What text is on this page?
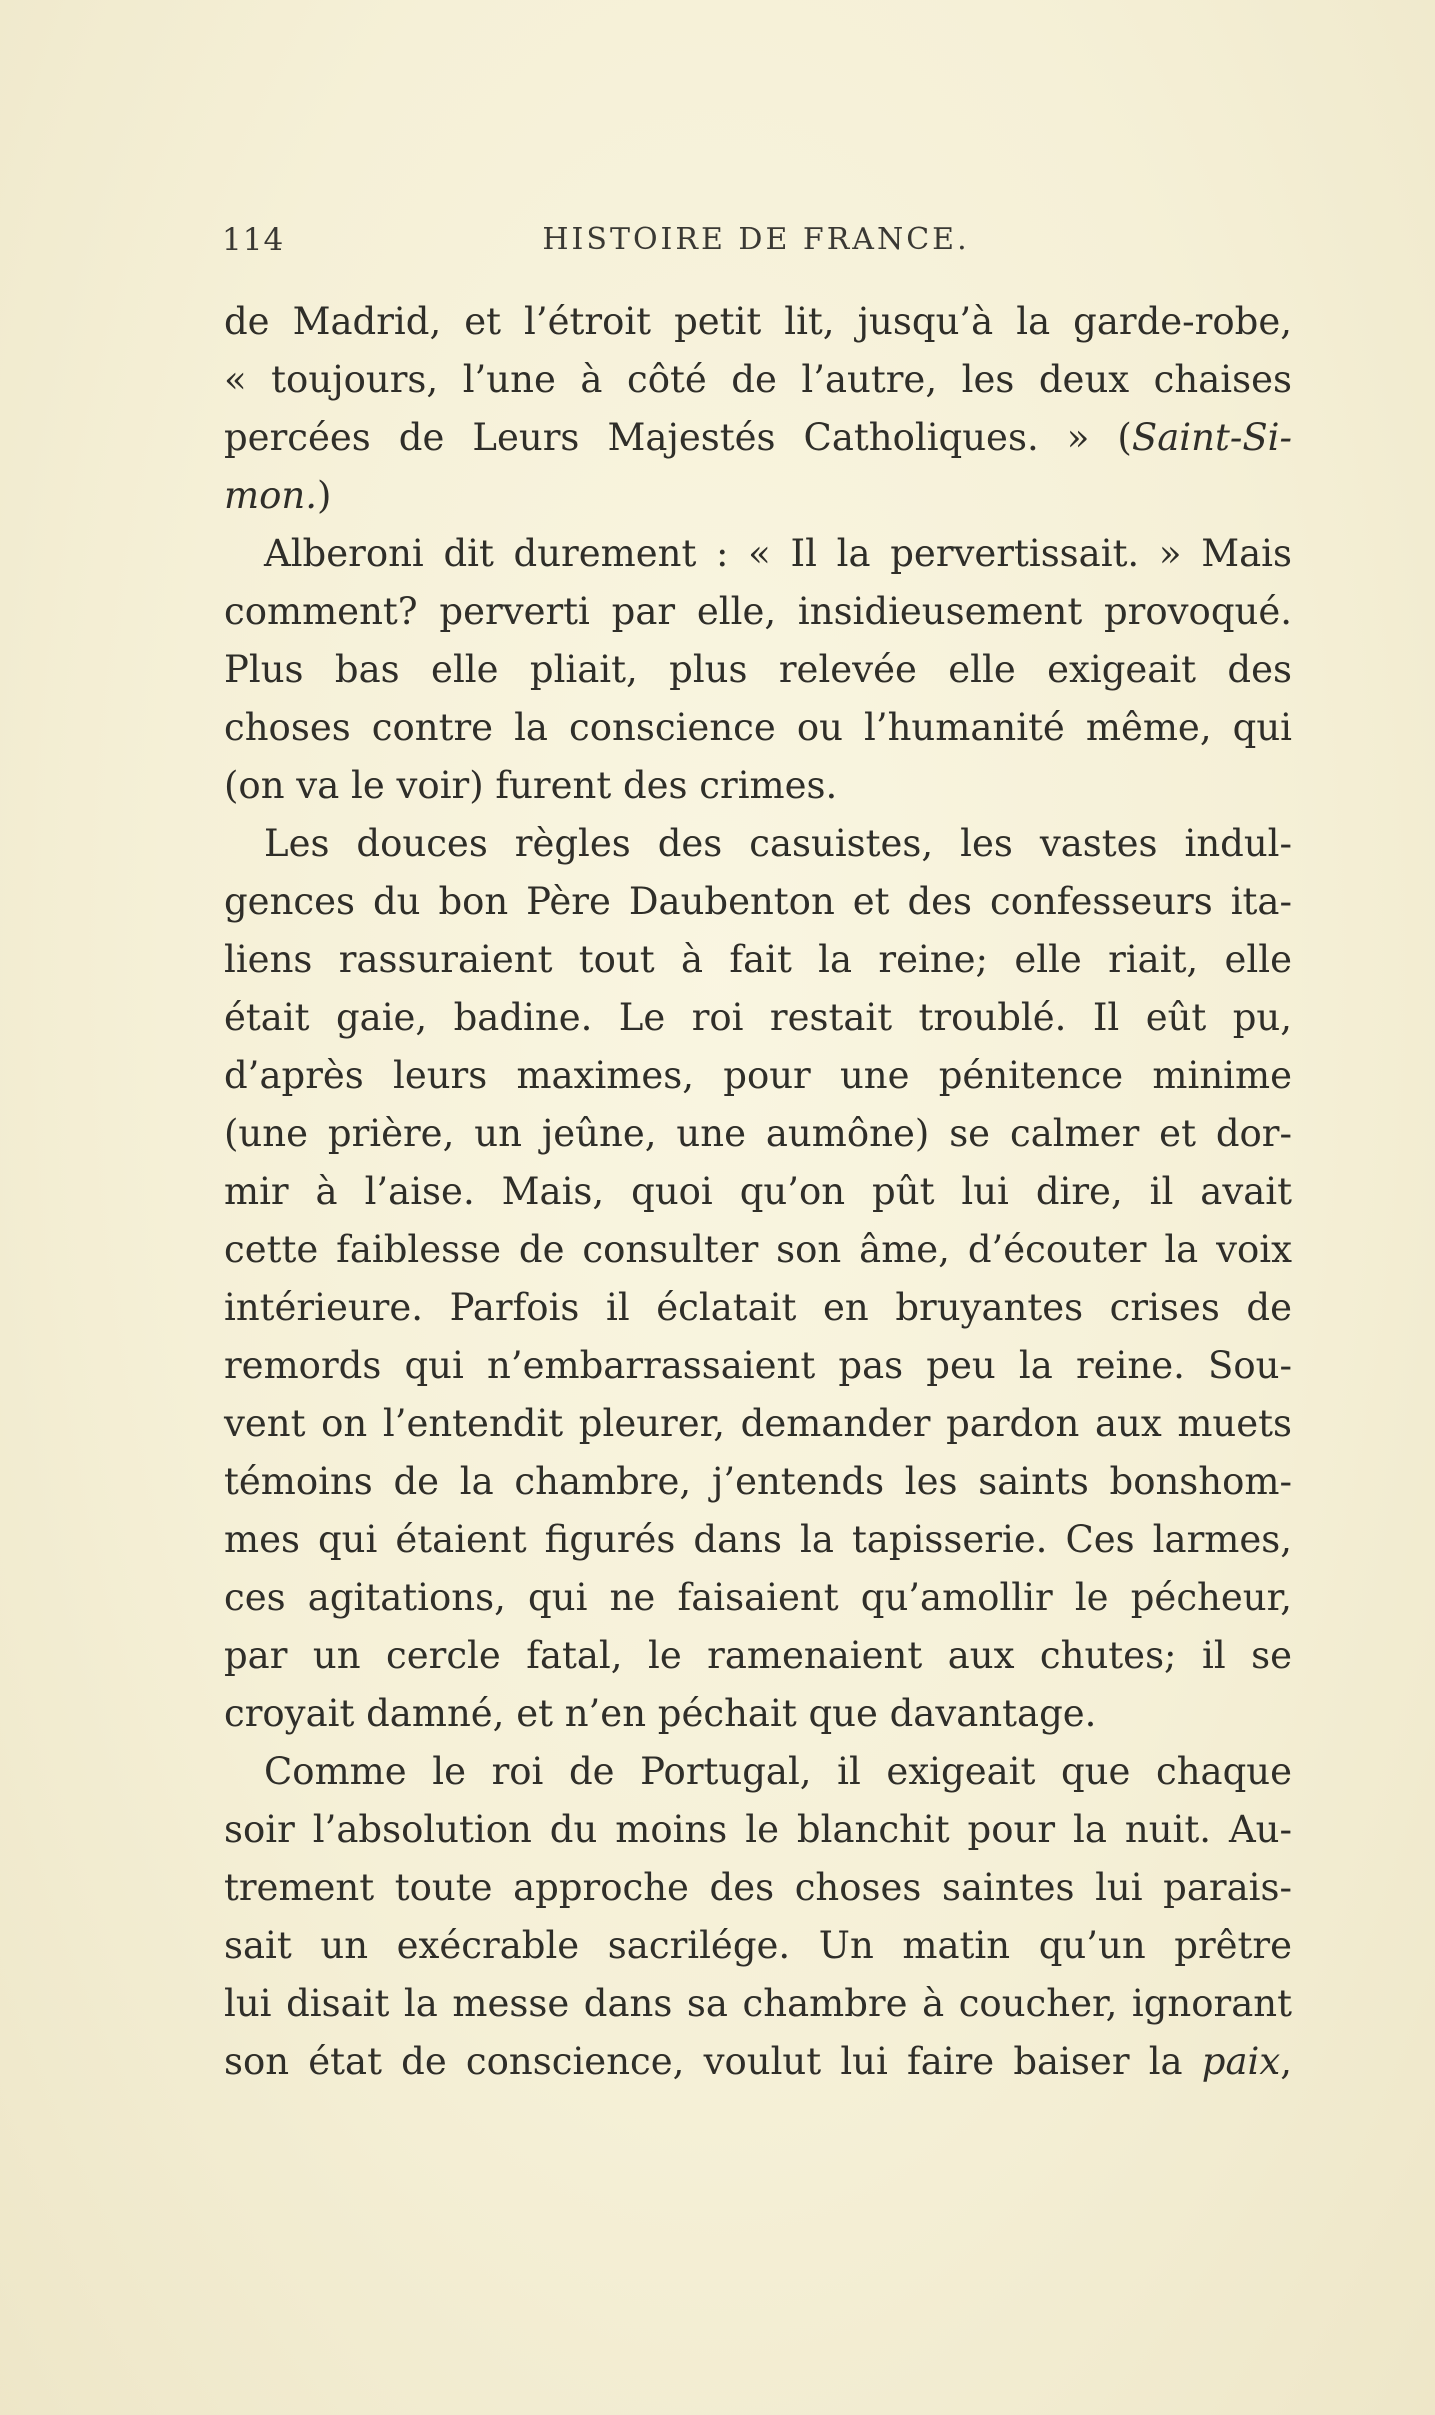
114	HISTOIRE DE FRANCE.
de Madrid, et l’étroit petit lit, jusqu’à la garde-robe,
« toujours, l’une à côté de l’autre, les deux chaises
percées de Leurs Majestés Catholiques. » (Saint-Si-
mon.)
Alberoni dit durement : « Il la pervertissait. » Mais
comment? perverti par elle, insidieusement provoqué.
Plus bas elle pliait, plus relevée elle exigeait des
choses contre la conscience ou l’humanité même, qui
(on va le voir) furent des crimes.
Les douces règles des casuistes, les vastes indul-
gences du bon Père Daubenton et des confesseurs ita-
liens rassuraient tout à fait la reine; elle riait, elle
était gaie, badine. Le roi restait troublé. Il eût pu,
d’après leurs maximes, pour une pénitence minime
(une prière, un jeûne, une aumône) se calmer et dor-
mir à l’aise. Mais, quoi qu’on pût lui dire, il avait
cette faiblesse de consulter son âme, d’écouter la voix
intérieure. Parfois il éclatait en bruyantes crises de
remords qui n’embarrassaient pas peu la reine. Sou-
vent on l’entendit pleurer, demander pardon aux muets
témoins de la chambre, j’entends les saints bonshom-
mes qui étaient figurés dans la tapisserie. Ces larmes,
ces agitations, qui ne faisaient qu’amollir le pécheur,
par un cercle fatal, le ramenaient aux chutes; il se
croyait damné, et n’en péchait que davantage.
Comme le roi de Portugal, il exigeait que chaque
soir l’absolution du moins le blanchit pour la nuit. Au-
trement toute approche des choses saintes lui parais-
sait un exécrable sacrilége. Un matin qu’un prêtre
lui disait la messe dans sa chambre à coucher, ignorant
son état de conscience, voulut lui faire baiser la paix,
